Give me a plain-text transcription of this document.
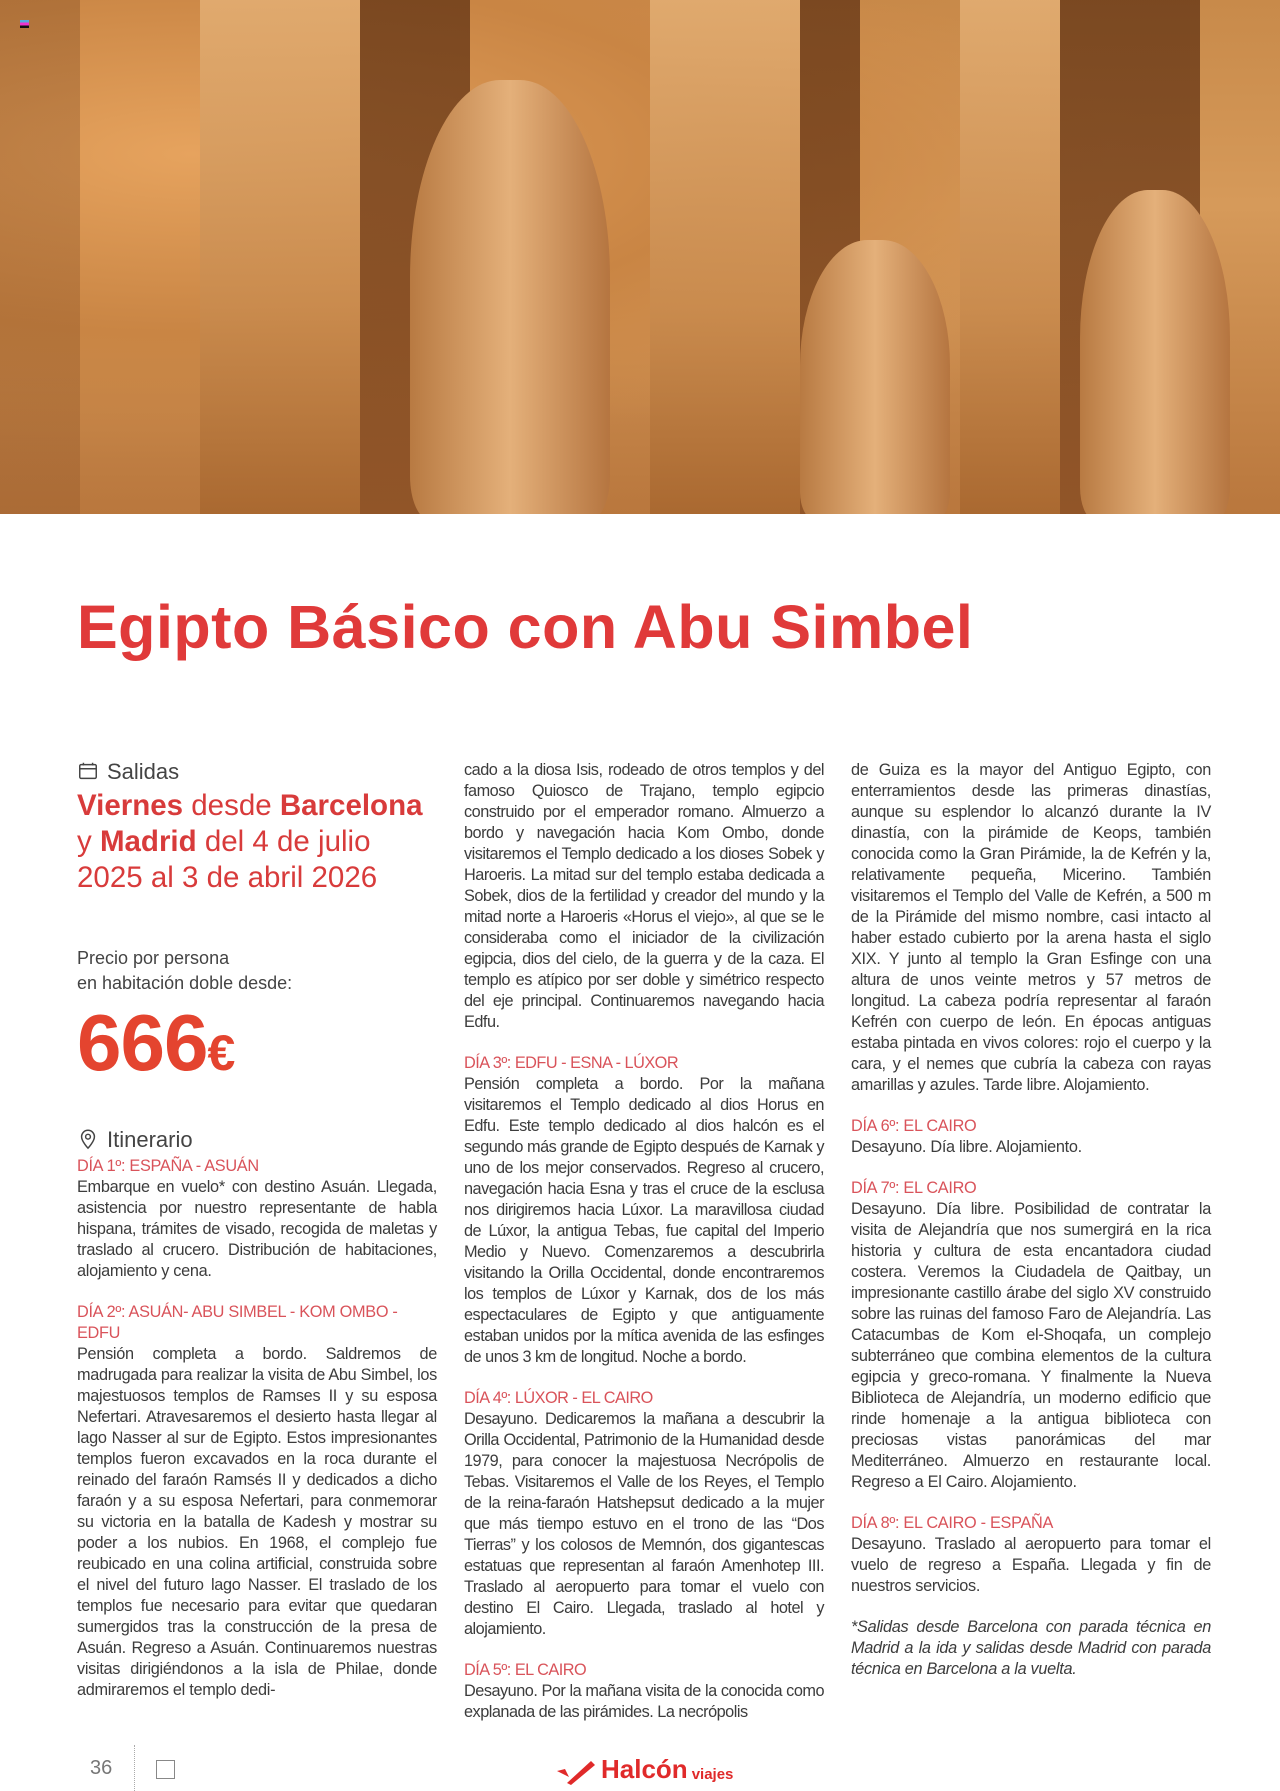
Egipto Básico con Abu Simbel
Salidas
Viernes desde Barcelona y Madrid del 4 de julio 2025 al 3 de abril 2026
Precio por persona
en habitación doble desde:
666€
Itinerario
DÍA 1º: ESPAÑA - ASUÁN

Embarque en vuelo* con destino Asuán. Llegada, asistencia por nuestro representante de habla hispana, trámites de visado, recogida de maletas y traslado al crucero. Distribución de habitaciones, alojamiento y cena.

DÍA 2º: ASUÁN- ABU SIMBEL - KOM OMBO - EDFU

Pensión completa a bordo. Saldremos de madrugada para realizar la visita de Abu Simbel, los majestuosos templos de Ramses II y su esposa Nefertari. Atravesaremos el desierto hasta llegar al lago Nasser al sur de Egipto. Estos impresionantes templos fueron excavados en la roca durante el reinado del faraón Ramsés II y dedicados a dicho faraón y a su esposa Nefertari, para conmemorar su victoria en la batalla de Kadesh y mostrar su poder a los nubios. En 1968, el complejo fue reubicado en una colina artificial, construida sobre el nivel del futuro lago Nasser. El traslado de los templos fue necesario para evitar que quedaran sumergidos tras la construcción de la presa de Asuán. Regreso a Asuán. Continuaremos nuestras visitas dirigiéndonos a la isla de Philae, donde admiraremos el templo dedi-

cado a la diosa Isis, rodeado de otros templos y del famoso Quiosco de Trajano, templo egipcio construido por el emperador romano. Almuerzo a bordo y navegación hacia Kom Ombo, donde visitaremos el Templo dedicado a los dioses Sobek y Haroeris. La mitad sur del templo estaba dedicada a Sobek, dios de la fertilidad y creador del mundo y la mitad norte a Haroeris «Horus el viejo», al que se le consideraba como el iniciador de la civilización egipcia, dios del cielo, de la guerra y de la caza. El templo es atípico por ser doble y simétrico respecto del eje principal. Continuaremos navegando hacia Edfu.

DÍA 3º: EDFU - ESNA - LÚXOR

Pensión completa a bordo. Por la mañana visitaremos el Templo dedicado al dios Horus en Edfu. Este templo dedicado al dios halcón es el segundo más grande de Egipto después de Karnak y uno de los mejor conservados. Regreso al crucero, navegación hacia Esna y tras el cruce de la esclusa nos dirigiremos hacia Lúxor. La maravillosa ciudad de Lúxor, la antigua Tebas, fue capital del Imperio Medio y Nuevo. Comenzaremos a descubrirla visitando la Orilla Occidental, donde encontraremos los templos de Lúxor y Karnak, dos de los más espectaculares de Egipto y que antiguamente estaban unidos por la mítica avenida de las esfinges de unos 3 km de longitud. Noche a bordo.

DÍA 4º: LÚXOR - EL CAIRO

Desayuno. Dedicaremos la mañana a descubrir la Orilla Occidental, Patrimonio de la Humanidad desde 1979, para conocer la majestuosa Necrópolis de Tebas. Visitaremos el Valle de los Reyes, el Templo de la reina-faraón Hatshepsut dedicado a la mujer que más tiempo estuvo en el trono de las “Dos Tierras” y los colosos de Memnón, dos gigantescas estatuas que representan al faraón Amenhotep III. Traslado al aeropuerto para tomar el vuelo con destino El Cairo. Llegada, traslado al hotel y alojamiento.

DÍA 5º: EL CAIRO

Desayuno. Por la mañana visita de la conocida como explanada de las pirámides. La necrópolis

de Guiza es la mayor del Antiguo Egipto, con enterramientos desde las primeras dinastías, aunque su esplendor lo alcanzó durante la IV dinastía, con la pirámide de Keops, también conocida como la Gran Pirámide, la de Kefrén y la, relativamente pequeña, Micerino. También visitaremos el Templo del Valle de Kefrén, a 500 m de la Pirámide del mismo nombre, casi intacto al haber estado cubierto por la arena hasta el siglo XIX. Y junto al templo la Gran Esfinge con una altura de unos veinte metros y 57 metros de longitud. La cabeza podría representar al faraón Kefrén con cuerpo de león. En épocas antiguas estaba pintada en vivos colores: rojo el cuerpo y la cara, y el nemes que cubría la cabeza con rayas amarillas y azules. Tarde libre. Alojamiento.

DÍA 6º: EL CAIRO

Desayuno. Día libre. Alojamiento.

DÍA 7º: EL CAIRO

Desayuno. Día libre. Posibilidad de contratar la visita de Alejandría que nos sumergirá en la rica historia y cultura de esta encantadora ciudad costera. Veremos la Ciudadela de Qaitbay, un impresionante castillo árabe del siglo XV construido sobre las ruinas del famoso Faro de Alejandría. Las Catacumbas de Kom el-Shoqafa, un complejo subterráneo que combina elementos de la cultura egipcia y greco-romana. Y finalmente la Nueva Biblioteca de Alejandría, un moderno edificio que rinde homenaje a la antigua biblioteca con preciosas vistas panorámicas del mar Mediterráneo. Almuerzo en restaurante local. Regreso a El Cairo. Alojamiento.

DÍA 8º: EL CAIRO - ESPAÑA

Desayuno. Traslado al aeropuerto para tomar el vuelo de regreso a España. Llegada y fin de nuestros servicios.

*Salidas desde Barcelona con parada técnica en Madrid a la ida y salidas desde Madrid con parada técnica en Barcelona a la vuelta.

36	Halcón viajes
